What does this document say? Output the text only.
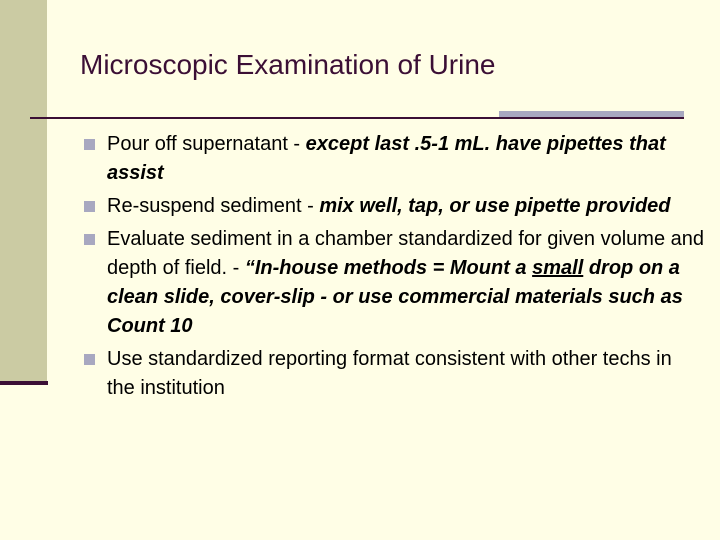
Microscopic Examination of Urine
Pour off supernatant - except last .5-1 mL. have pipettes that assist
Re-suspend sediment - mix well, tap, or use pipette provided
Evaluate sediment in a chamber standardized for given volume and depth of field. - “In-house methods = Mount a small drop on a clean slide, cover-slip - or use commercial materials such as Count 10
Use standardized reporting format consistent with other techs in the institution
